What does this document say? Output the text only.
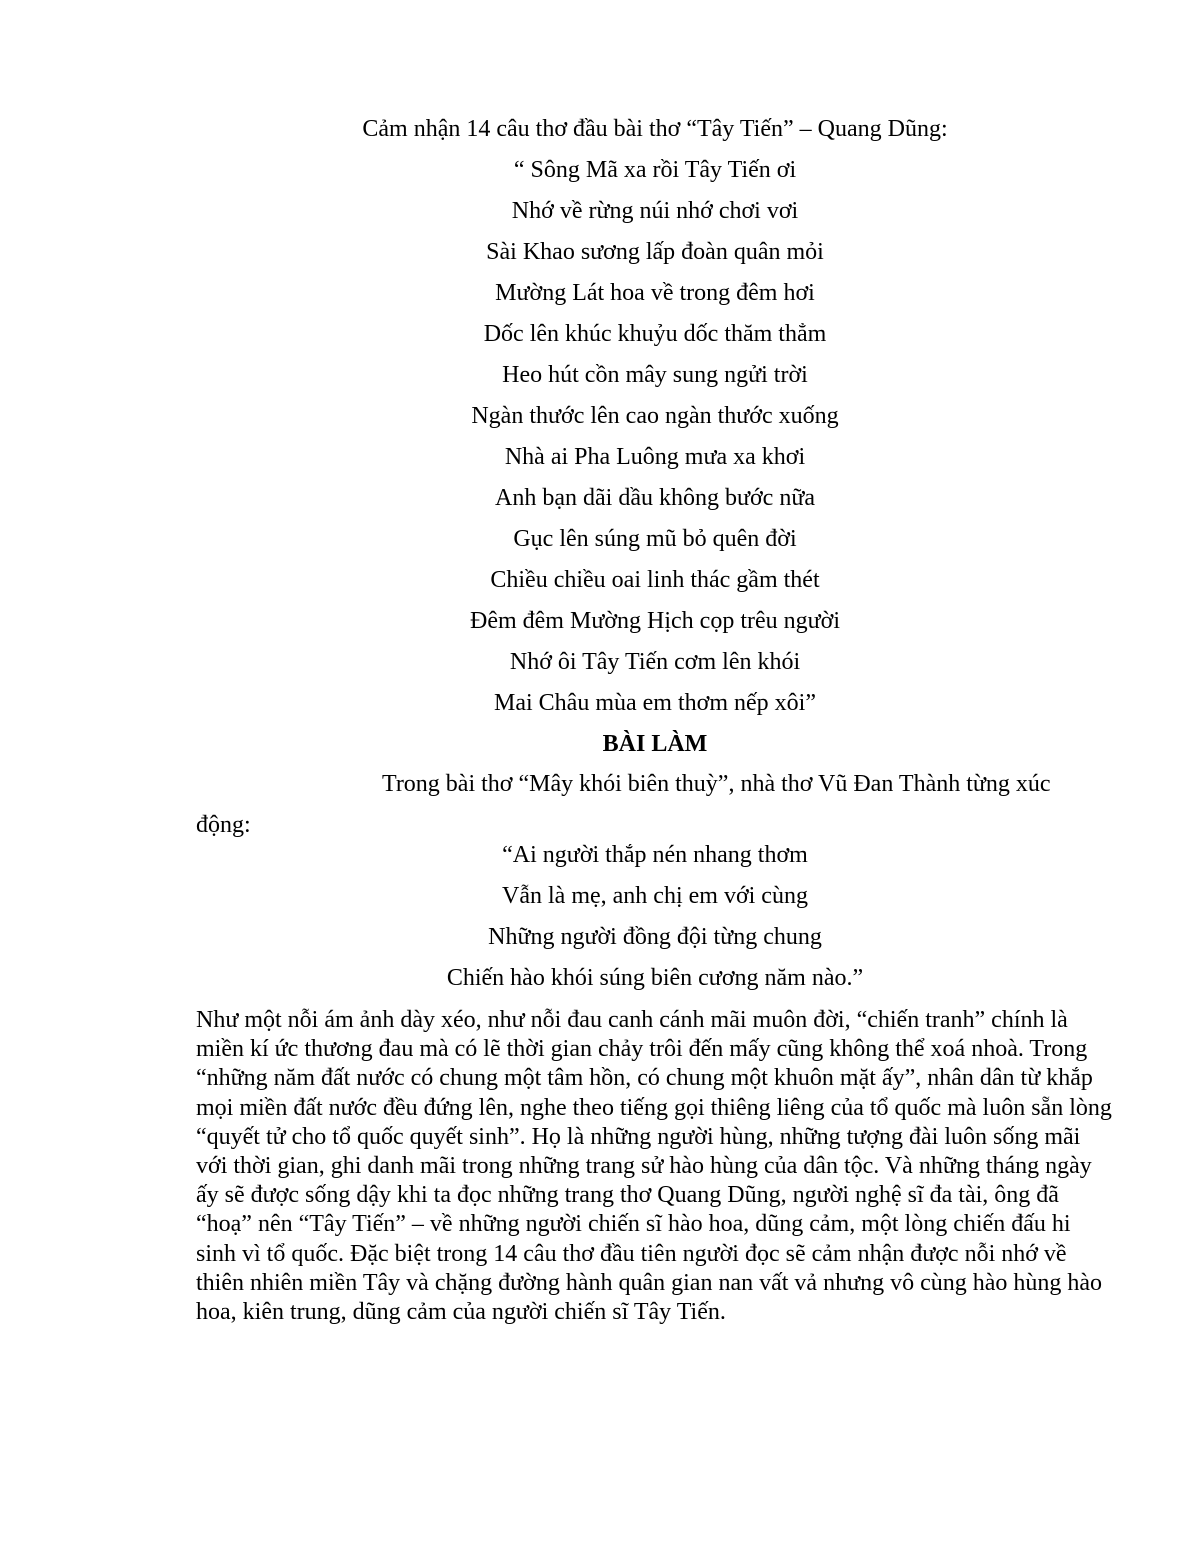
Cảm nhận 14 câu thơ đầu bài thơ “Tây Tiến” – Quang Dũng:
“ Sông Mã xa rồi Tây Tiến ơi
Nhớ về rừng núi nhớ chơi vơi
Sài Khao sương lấp đoàn quân mỏi
Mường Lát hoa về trong đêm hơi
Dốc lên khúc khuỷu dốc thăm thẳm
Heo hút cồn mây sung ngửi trời
Ngàn thước lên cao ngàn thước xuống
Nhà ai Pha Luông mưa xa khơi
Anh bạn dãi dầu không bước nữa
Gục lên súng mũ bỏ quên đời
Chiều chiều oai linh thác gầm thét
Đêm đêm Mường Hịch cọp trêu người
Nhớ ôi Tây Tiến cơm lên khói
Mai Châu mùa em thơm nếp xôi”
BÀI LÀM

Trong bài thơ “Mây khói biên thuỳ”, nhà thơ Vũ Đan Thành từng xúc
động:

“Ai người thắp nén nhang thơm
Vẫn là mẹ, anh chị em với cùng
Những người đồng đội từng chung
Chiến hào khói súng biên cương năm nào.”

Như một nỗi ám ảnh dày xéo, như nỗi đau canh cánh mãi muôn đời, “chiến tranh” chính là miền kí ức thương đau mà có lẽ thời gian chảy trôi đến mấy cũng không thể xoá nhoà. Trong “những năm đất nước có chung một tâm hồn, có chung một khuôn mặt ấy”, nhân dân từ khắp mọi miền đất nước đều đứng lên, nghe theo tiếng gọi thiêng liêng của tổ quốc mà luôn sẵn lòng “quyết tử cho tổ quốc quyết sinh”. Họ là những người hùng, những tượng đài luôn sống mãi với thời gian, ghi danh mãi trong những trang sử hào hùng của dân tộc. Và những tháng ngày ấy sẽ được sống dậy khi ta đọc những trang thơ Quang Dũng, người nghệ sĩ đa tài, ông đã “hoạ” nên “Tây Tiến” – về những người chiến sĩ hào hoa, dũng cảm, một lòng chiến đấu hi sinh vì tổ quốc. Đặc biệt trong 14 câu thơ đầu tiên người đọc sẽ cảm nhận được nỗi nhớ về thiên nhiên miền Tây và chặng đường hành quân gian nan vất vả nhưng vô cùng hào hùng hào hoa, kiên trung, dũng cảm của người chiến sĩ Tây Tiến.
